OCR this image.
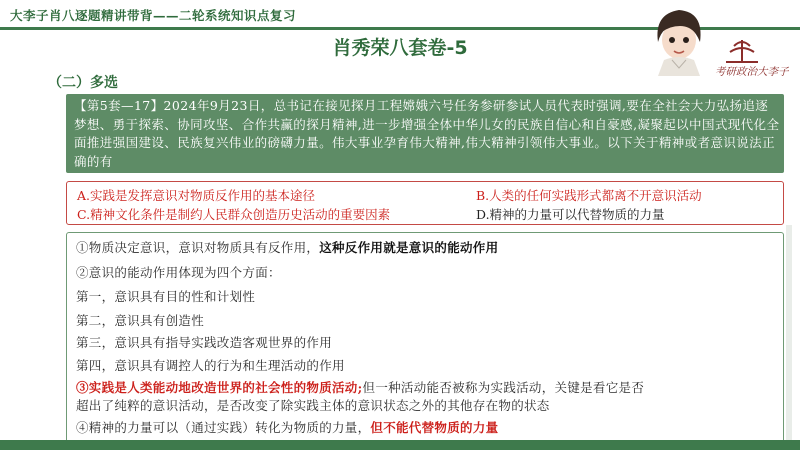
大李子肖八逐题精讲带背——二轮系统知识点复习
肖秀荣八套卷-5
（二）多选
考研政治大李子
【第5套—17】2024年9月23日，总书记在接见探月工程嫦娥六号任务参研参试人员代表时强调,要在全社会大力弘扬追逐梦想、勇于探索、协同攻坚、合作共赢的探月精神,进一步增强全体中华儿女的民族自信心和自豪感,凝聚起以中国式现代化全面推进强国建设、民族复兴伟业的磅礴力量。伟大事业孕育伟大精神,伟大精神引领伟大事业。以下关于精神或者意识说法正确的有
A.实践是发挥意识对物质反作用的基本途径	B.人类的任何实践形式都离不开意识活动
C.精神文化条件是制约人民群众创造历史活动的重要因素	D.精神的力量可以代替物质的力量
①物质决定意识，意识对物质具有反作用，这种反作用就是意识的能动作用
②意识的能动作用体现为四个方面：
第一，意识具有目的性和计划性
第二，意识具有创造性
第三，意识具有指导实践改造客观世界的作用
第四，意识具有调控人的行为和生理活动的作用
③实践是人类能动地改造世界的社会性的物质活动;但一种活动能否被称为实践活动，关键是看它是否
超出了纯粹的意识活动，是否改变了除实践主体的意识状态之外的其他存在物的状态
④精神的力量可以（通过实践）转化为物质的力量，但不能代替物质的力量
